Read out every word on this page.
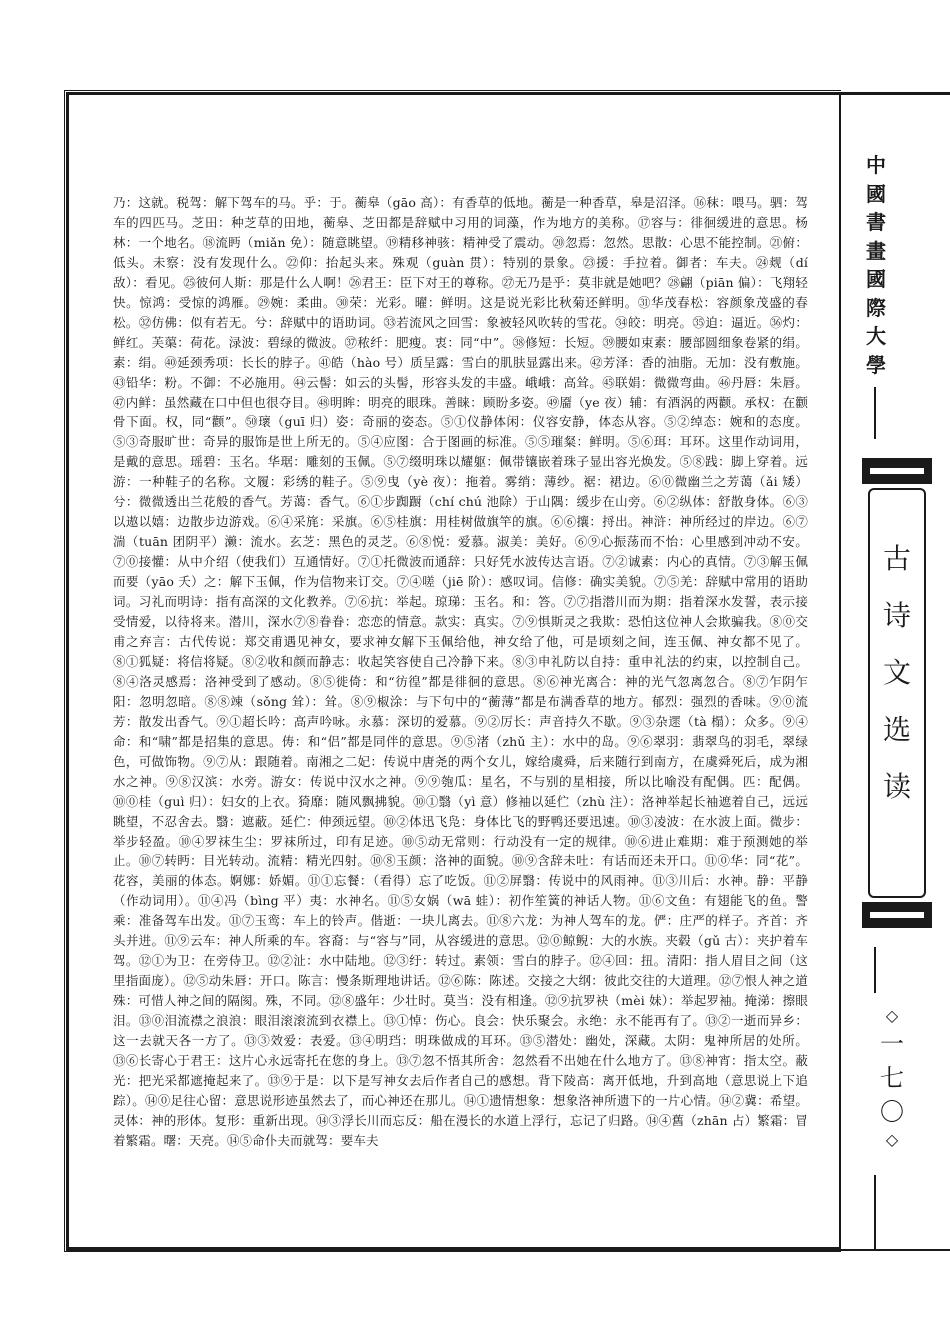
乃：这就。税驾：解下驾车的马。乎：于。蘅皋（gāo 高）：有香草的低地。蘅是一种香草，皋是沼泽。⑯秣：喂马。驷：驾车的四匹马。芝田：种芝草的田地，蘅皋、芝田都是辞赋中习用的词藻，作为地方的美称。⑰容与：徘徊缓进的意思。杨林：一个地名。⑱流眄（miǎn 免）：随意眺望。⑲精移神骇：精神受了震动。⑳忽焉：忽然。思散：心思不能控制。㉑俯：低头。未察：没有发现什么。㉒仰：抬起头来。殊观（guàn 贯）：特别的景象。㉓援：手拉着。御者：车夫。㉔觌（dí 敌）：看见。㉕彼何人斯：那是什么人啊！㉖君王：臣下对王的尊称。㉗无乃是乎：莫非就是她吧？㉘翩（piān 偏）：飞翔轻快。惊鸿：受惊的鸿雁。㉙婉：柔曲。㉚荣：光彩。曜：鲜明。这是说光彩比秋菊还鲜明。㉛华茂春松：容颜象茂盛的春松。㉜仿佛：似有若无。兮：辞赋中的语助词。㉝若流风之回雪：象被轻风吹转的雪花。㉞皎：明亮。㉟迫：逼近。㊱灼：鲜红。芙蕖：荷花。渌波：碧绿的微波。㊲秾纤：肥瘦。衷：同“中”。㊳修短：长短。㊴腰如束素：腰部圆细象卷紧的绢。素：绢。㊵延颈秀项：长长的脖子。㊶皓（hào 号）质呈露：雪白的肌肤显露出来。㊷芳泽：香的油脂。无加：没有敷施。㊸铅华：粉。不御：不必施用。㊹云髻：如云的头髻，形容头发的丰盛。峨峨：高耸。㊺联娟：微微弯曲。㊻丹唇：朱唇。㊼内鲜：虽然藏在口中但也很夺目。㊽明眸：明亮的眼珠。善睐：顾盼多姿。㊾靥（ye 夜）辅：有酒涡的两颧。承权：在颧骨下面。权，同“颧”。㊿瓌（guī 归）姿：奇丽的姿态。⑤①仪静体闲：仪容安静，体态从容。⑤②绰态：婉和的态度。⑤③奇服旷世：奇异的服饰是世上所无的。⑤④应图：合于图画的标准。⑤⑤璀粲：鲜明。⑤⑥珥：耳环。这里作动词用，是戴的意思。瑶碧：玉名。华琚：雕刻的玉佩。⑤⑦缀明珠以耀躯：佩带镶嵌着珠子显出容光焕发。⑤⑧践：脚上穿着。远游：一种鞋子的名称。文履：彩绣的鞋子。⑤⑨曳（yè 夜）：拖着。雾绡：薄纱。裾：裙边。⑥⓪微幽兰之芳蔼（ǎi 矮）兮：微微透出兰花般的香气。芳蔼：香气。⑥①步踟蹰（chí chú 池除）于山隅：缓步在山旁。⑥②纵体：舒散身体。⑥③以遨以嬉：边散步边游戏。⑥④采旄：采旗。⑥⑤桂旗：用桂树做旗竿的旗。⑥⑥攘：捋出。神浒：神所经过的岸边。⑥⑦湍（tuān 团阴平）濑：流水。玄芝：黑色的灵芝。⑥⑧悦：爱慕。淑美：美好。⑥⑨心振荡而不怡：心里感到冲动不安。⑦⓪接懽：从中介绍（使我们）互通情好。⑦①托微波而通辞：只好凭水波传达言语。⑦②诚素：内心的真情。⑦③解玉佩而要（yāo 夭）之：解下玉佩，作为信物来订交。⑦④嗟（jiē 阶）：感叹词。信修：确实美貌。⑦⑤羌：辞赋中常用的语助词。习礼而明诗：指有高深的文化教养。⑦⑥抗：举起。琼珶：玉名。和：答。⑦⑦指潜川而为期：指着深水发誓，表示接受情爱，以待将来。潜川，深水⑦⑧眷眷：恋恋的情意。款实：真实。⑦⑨惧斯灵之我欺：恐怕这位神人会欺骗我。⑧⓪交甫之弃言：古代传说：郑交甫遇见神女，要求神女解下玉佩给他，神女给了他，可是顷刻之间，连玉佩、神女都不见了。⑧①狐疑：将信将疑。⑧②收和颜而静志：收起笑容使自己冷静下来。⑧③申礼防以自持：重申礼法的约束，以控制自己。⑧④洛灵感焉：洛神受到了感动。⑧⑤徙倚：和“彷徨”都是徘徊的意思。⑧⑥神光离合：神的光气忽离忽合。⑧⑦乍阴乍阳：忽明忽暗。⑧⑧竦（sǒng 耸）：耸。⑧⑨椒涂：与下句中的“蘅薄”都是布满香草的地方。郁烈：强烈的香味。⑨⓪流芳：散发出香气。⑨①超长吟：高声吟咏。永慕：深切的爱慕。⑨②厉长：声音持久不歇。⑨③杂遝（tà 榻）：众多。⑨④命：和“啸”都是招集的意思。俦：和“侣”都是同伴的意思。⑨⑤渚（zhǔ 主）：水中的岛。⑨⑥翠羽：翡翠鸟的羽毛，翠绿色，可做饰物。⑨⑦从：跟随着。南湘之二妃：传说中唐尧的两个女儿，嫁给虞舜，后来随行到南方，在虞舜死后，成为湘水之神。⑨⑧汉滨：水旁。游女：传说中汉水之神。⑨⑨匏瓜：星名，不与别的星相接，所以比喻没有配偶。匹：配偶。⑩⓪桂（guì 归）：妇女的上衣。猗靡：随风飘拂貌。⑩①翳（yì 意）修袖以延伫（zhù 注）：洛神举起长袖遮着自己，远远眺望，不忍舍去。翳：遮蔽。延伫：伸颈远望。⑩②体迅飞凫：身体比飞的野鸭还要迅速。⑩③凌波：在水波上面。微步：举步轻盈。⑩④罗袜生尘：罗袜所过，印有足迹。⑩⑤动无常则：行动没有一定的规律。⑩⑥进止难期：难于预测她的举止。⑩⑦转眄：目光转动。流精：精光四射。⑩⑧玉颜：洛神的面貌。⑩⑨含辞未吐：有话而还未开口。⑪⓪华：同“花”。花容，美丽的体态。婀娜：娇媚。⑪①忘餐：（看得）忘了吃饭。⑪②屏翳：传说中的风雨神。⑪③川后：水神。静：平静（作动词用）。⑪④冯（bìng 平）夷：水神名。⑪⑤女娲（wā 蛙）：初作笙簧的神话人物。⑪⑥文鱼：有翅能飞的鱼。警乘：准备驾车出发。⑪⑦玉鸾：车上的铃声。偕逝：一块儿离去。⑪⑧六龙：为神人驾车的龙。俨：庄严的样子。齐首：齐头并进。⑪⑨云车：神人所乘的车。容裔：与“容与”同，从容缓进的意思。⑫⓪鲸鲵：大的水族。夹毂（gǔ 古）：夹护着车驾。⑫①为卫：在旁侍卫。⑫②沚：水中陆地。⑫③纡：转过。素领：雪白的脖子。⑫④回：扭。清阳：指人眉目之间（这里指面庞）。⑫⑤动朱唇：开口。陈言：慢条斯理地讲话。⑫⑥陈：陈述。交接之大纲：彼此交往的大道理。⑫⑦恨人神之道殊：可惜人神之间的隔阂。殊，不同。⑫⑧盛年：少壮时。莫当：没有相逢。⑫⑨抗罗袂（mèi 妹）：举起罗袖。掩涕：擦眼泪。⑬⓪泪流襟之浪浪：眼泪滚滚流到衣襟上。⑬①悼：伤心。良会：快乐聚会。永绝：永不能再有了。⑬②一逝而异乡：这一去就天各一方了。⑬③效爱：表爱。⑬④明珰：明珠做成的耳环。⑬⑤潜处：幽处，深藏。太阴：鬼神所居的处所。⑬⑥长寄心于君王：这片心永远寄托在您的身上。⑬⑦忽不悟其所舍：忽然看不出她在什么地方了。⑬⑧神宵：指太空。蔽光：把光采都遮掩起来了。⑬⑨于是：以下是写神女去后作者自己的感想。背下陵高：离开低地，升到高地（意思说上下追踪）。⑭⓪足往心留：意思说形迹虽然去了，而心神还在那儿。⑭①遗情想象：想象洛神所遗下的一片心情。⑭②冀：希望。灵体：神的形体。复形：重新出现。⑭③浮长川而忘反：船在漫长的水道上浮行，忘记了归路。⑭④舊（zhān 占）繁霜：冒着繁霜。曙：天亮。⑭⑤命仆夫而就驾：要车夫
中
國
書
畫
國
際
大
學
古
诗
文
选
读
◇
一
七
〇
◇
